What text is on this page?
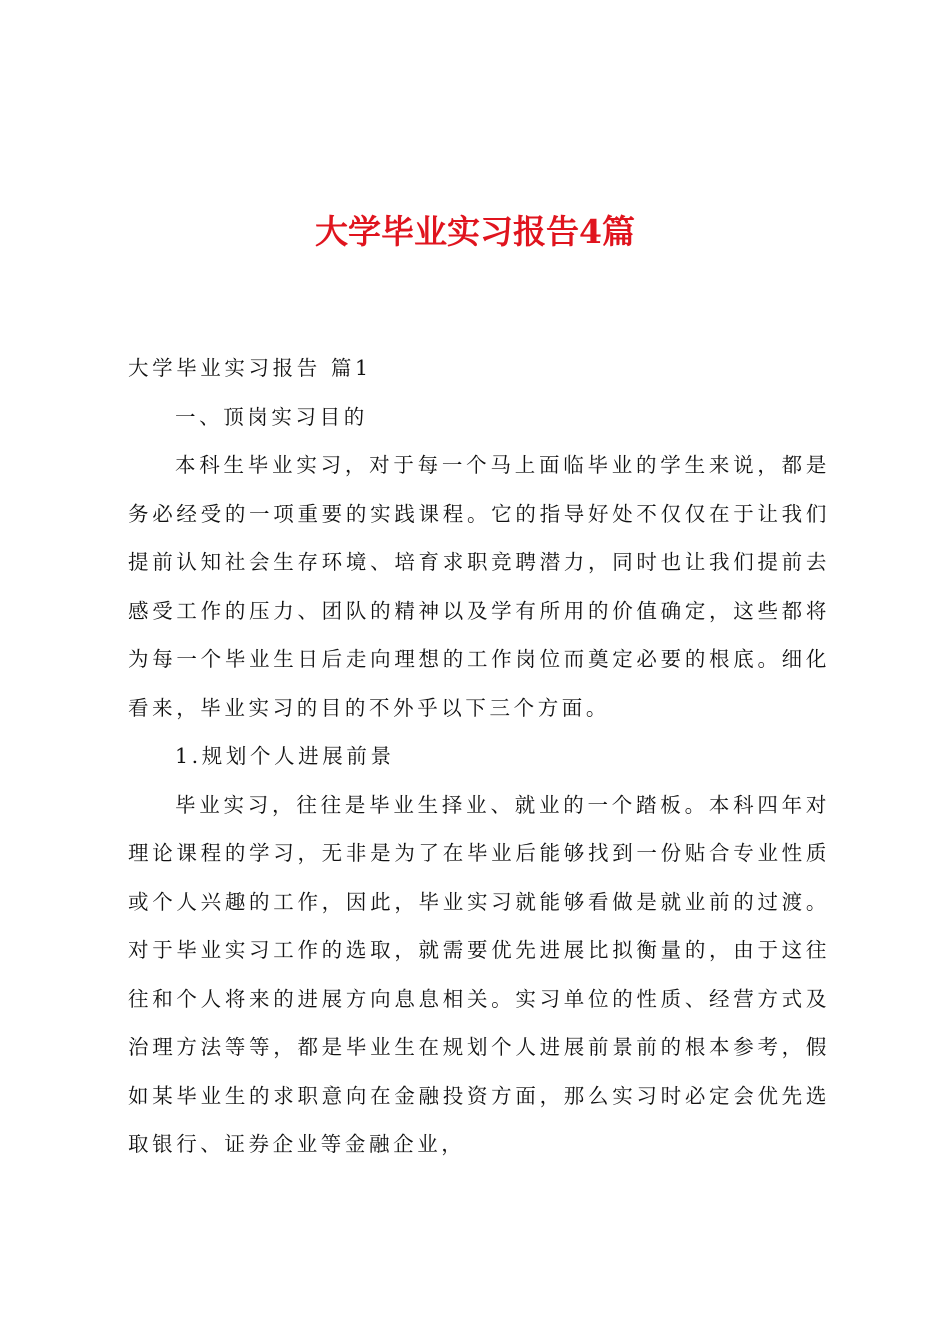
大学毕业实习报告4篇

大学毕业实习报告 篇1

一、顶岗实习目的

本科生毕业实习，对于每一个马上面临毕业的学生来说，都是务必经受的一项重要的实践课程。它的指导好处不仅仅在于让我们提前认知社会生存环境、培育求职竞聘潜力，同时也让我们提前去感受工作的压力、团队的精神以及学有所用的价值确定，这些都将为每一个毕业生日后走向理想的工作岗位而奠定必要的根底。细化看来，毕业实习的目的不外乎以下三个方面。

1.规划个人进展前景

毕业实习，往往是毕业生择业、就业的一个踏板。本科四年对理论课程的学习，无非是为了在毕业后能够找到一份贴合专业性质或个人兴趣的工作，因此，毕业实习就能够看做是就业前的过渡。对于毕业实习工作的选取，就需要优先进展比拟衡量的，由于这往往和个人将来的进展方向息息相关。实习单位的性质、经营方式及治理方法等等，都是毕业生在规划个人进展前景前的根本参考，假如某毕业生的求职意向在金融投资方面，那么实习时必定会优先选取银行、证券企业等金融企业，
